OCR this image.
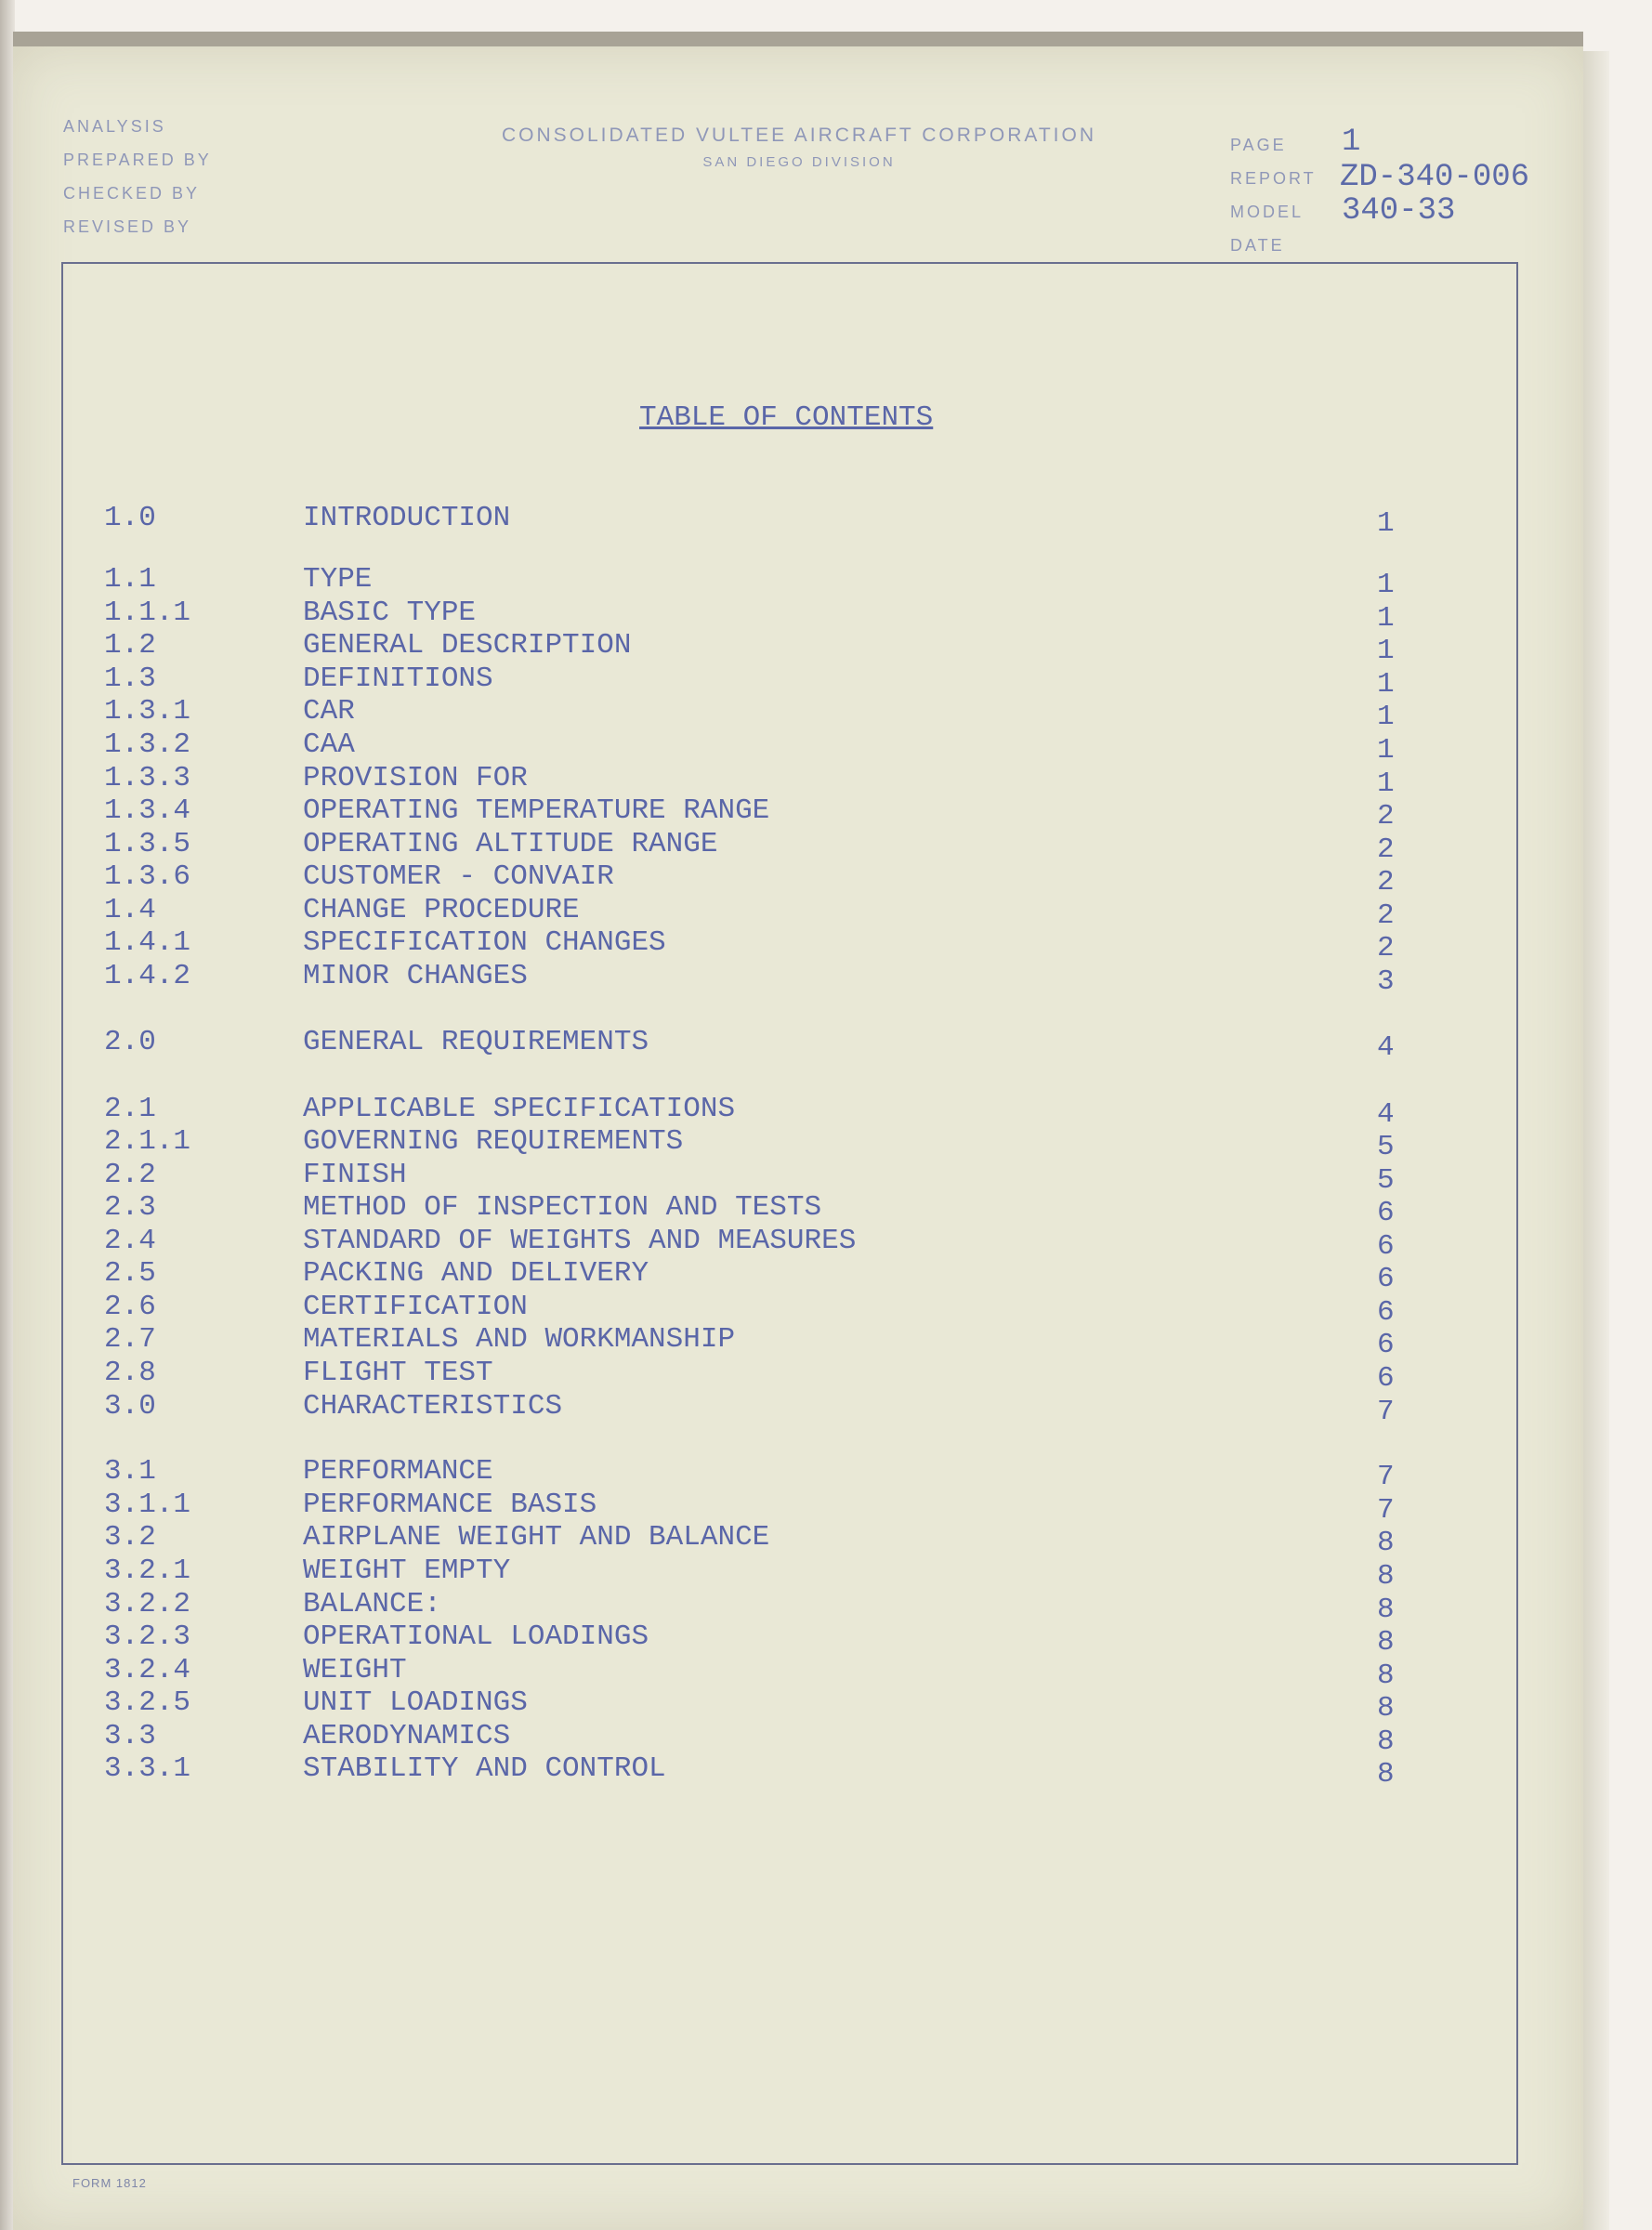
ANALYSIS
PREPARED BY
CHECKED BY
REVISED BY
CONSOLIDATED VULTEE AIRCRAFT CORPORATION
SAN DIEGO DIVISION
PAGE 1
REPORT ZD-340-006
MODEL 340-33
DATE
TABLE OF CONTENTS
1.0	INTRODUCTION	1
1.1	TYPE	1
1.1.1	BASIC TYPE	1
1.2	GENERAL DESCRIPTION	1
1.3	DEFINITIONS	1
1.3.1	CAR	1
1.3.2	CAA	1
1.3.3	PROVISION FOR	1
1.3.4	OPERATING TEMPERATURE RANGE	2
1.3.5	OPERATING ALTITUDE RANGE	2
1.3.6	CUSTOMER - CONVAIR	2
1.4	CHANGE PROCEDURE	2
1.4.1	SPECIFICATION CHANGES	2
1.4.2	MINOR CHANGES	3
2.0	GENERAL REQUIREMENTS	4
2.1	APPLICABLE SPECIFICATIONS	4
2.1.1	GOVERNING REQUIREMENTS	5
2.2	FINISH	5
2.3	METHOD OF INSPECTION AND TESTS	6
2.4	STANDARD OF WEIGHTS AND MEASURES	6
2.5	PACKING AND DELIVERY	6
2.6	CERTIFICATION	6
2.7	MATERIALS AND WORKMANSHIP	6
2.8	FLIGHT TEST	6
3.0	CHARACTERISTICS	7
3.1	PERFORMANCE	7
3.1.1	PERFORMANCE BASIS	7
3.2	AIRPLANE WEIGHT AND BALANCE	8
3.2.1	WEIGHT EMPTY	8
3.2.2	BALANCE:	8
3.2.3	OPERATIONAL LOADINGS	8
3.2.4	WEIGHT	8
3.2.5	UNIT LOADINGS	8
3.3	AERODYNAMICS	8
3.3.1	STABILITY AND CONTROL	8
FORM 1812
